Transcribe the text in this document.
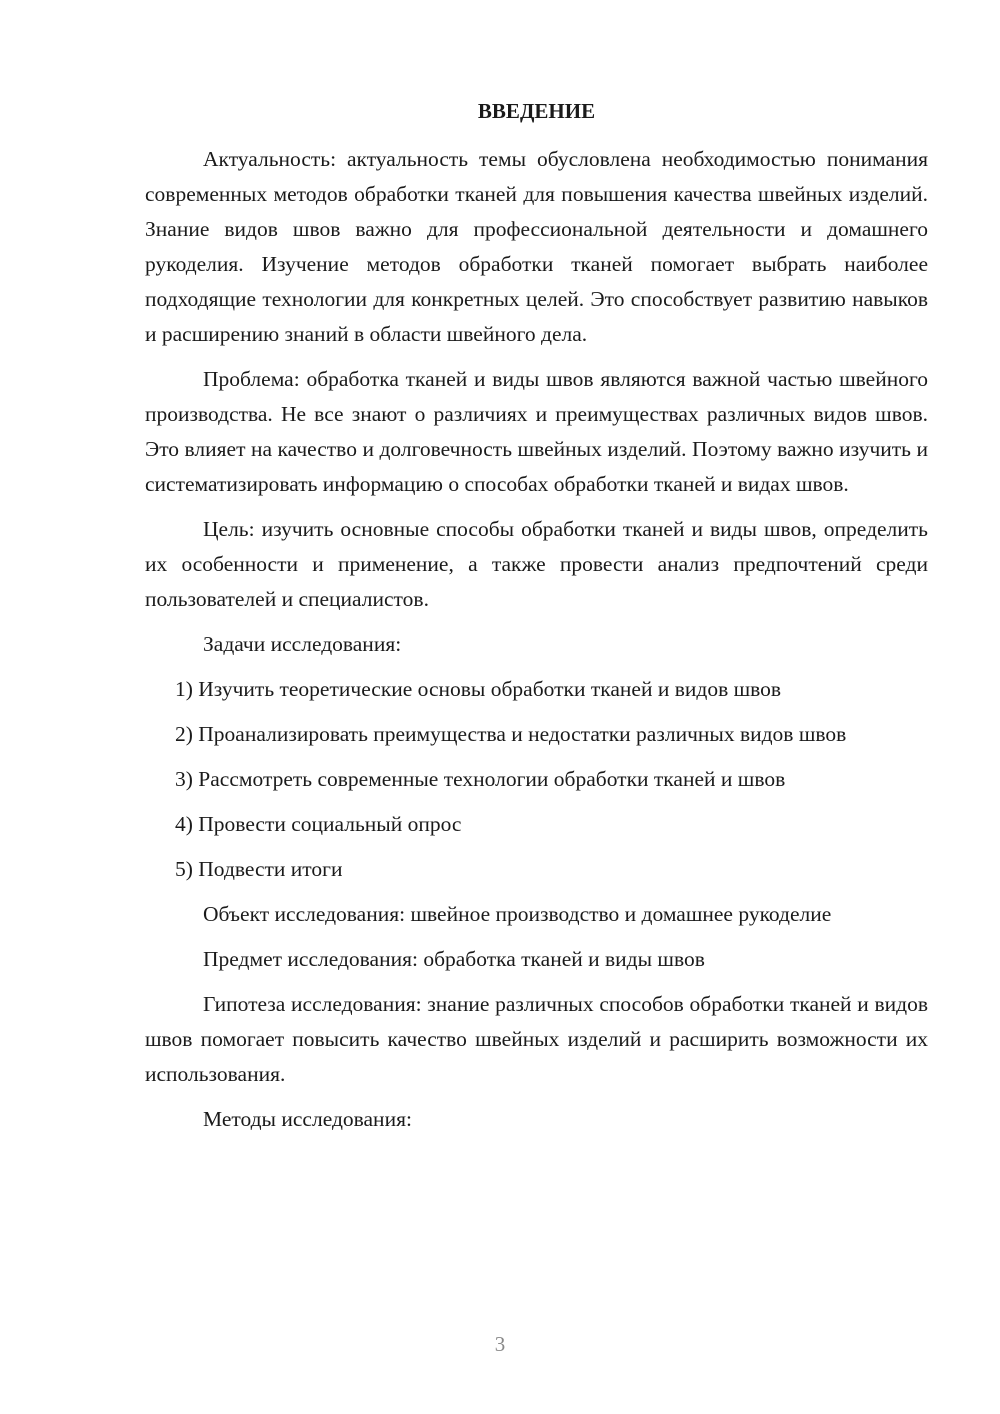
ВВЕДЕНИЕ

Актуальность: актуальность темы обусловлена необходимостью понимания современных методов обработки тканей для повышения качества швейных изделий. Знание видов швов важно для профессиональной деятельности и домашнего рукоделия. Изучение методов обработки тканей помогает выбрать наиболее подходящие технологии для конкретных целей. Это способствует развитию навыков и расширению знаний в области швейного дела.

Проблема: обработка тканей и виды швов являются важной частью швейного производства. Не все знают о различиях и преимуществах различных видов швов. Это влияет на качество и долговечность швейных изделий. Поэтому важно изучить и систематизировать информацию о способах обработки тканей и видах швов.

Цель: изучить основные способы обработки тканей и виды швов, определить их особенности и применение, а также провести анализ предпочтений среди пользователей и специалистов.

Задачи исследования:

1) Изучить теоретические основы обработки тканей и видов швов

2) Проанализировать преимущества и недостатки различных видов швов

3) Рассмотреть современные технологии обработки тканей и швов

4) Провести социальный опрос

5) Подвести итоги

Объект исследования: швейное производство и домашнее рукоделие

Предмет исследования: обработка тканей и виды швов

Гипотеза исследования: знание различных способов обработки тканей и видов швов помогает повысить качество швейных изделий и расширить возможности их использования.

Методы исследования:

3
